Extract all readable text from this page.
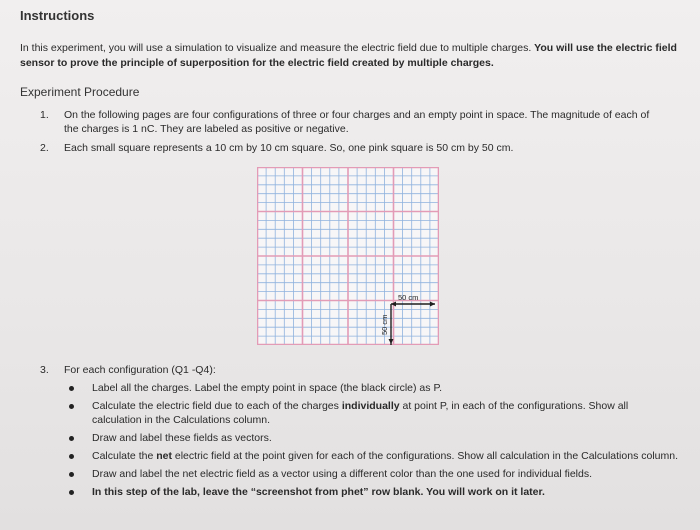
Instructions
In this experiment, you will use a simulation to visualize and measure the electric field due to multiple charges. You will use the electric field sensor to prove the principle of superposition for the electric field created by multiple charges.
Experiment Procedure
1. On the following pages are four configurations of three or four charges and an empty point in space. The magnitude of each of the charges is 1 nC. They are labeled as positive or negative.
2. Each small square represents a 10 cm by 10 cm square. So, one pink square is 50 cm by 50 cm.
50 cm
50 cm
3. For each configuration (Q1 -Q4):
Label all the charges. Label the empty point in space (the black circle) as P.
Calculate the electric field due to each of the charges individually at point P, in each of the configurations. Show all calculation in the Calculations column.
Draw and label these fields as vectors.
Calculate the net electric field at the point given for each of the configurations. Show all calculation in the Calculations column.
Draw and label the net electric field as a vector using a different color than the one used for individual fields.
In this step of the lab, leave the “screenshot from phet” row blank. You will work on it later.
